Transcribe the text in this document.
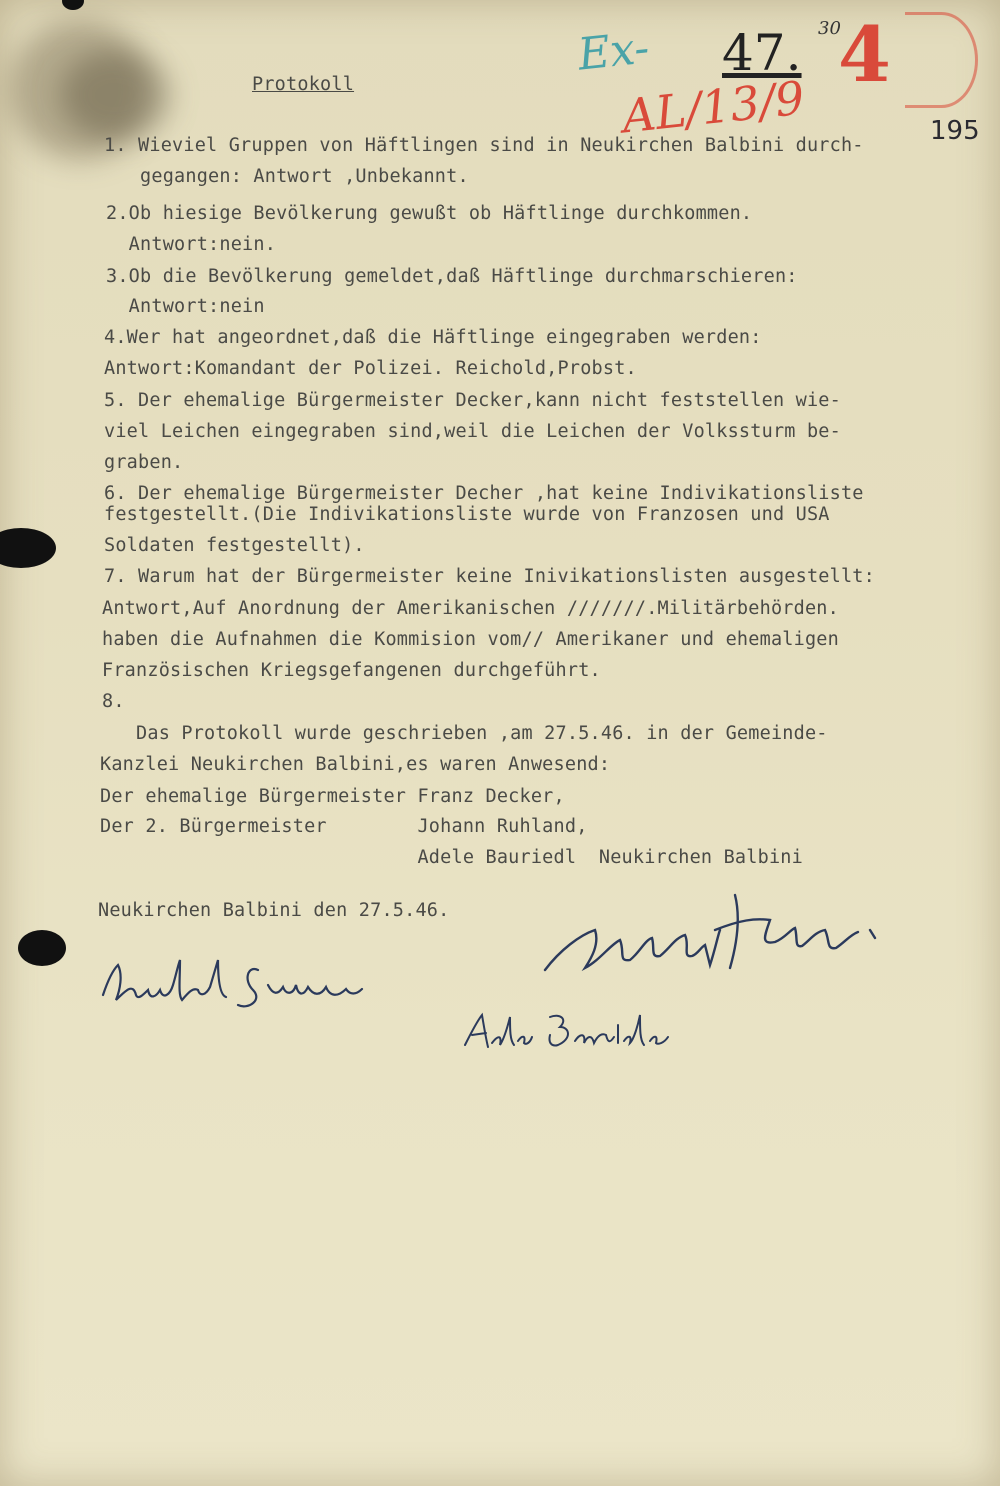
Ex- 47. 30
AL/13/9
4
195
Protokoll
1. Wieviel Gruppen von Häftlingen sind in Neukirchen Balbini durch-
gegangen: Antwort ,Unbekannt.
2.Ob hiesige Bevölkerung gewußt ob Häftlinge durchkommen.
Antwort:nein.
3.Ob die Bevölkerung gemeldet,daß Häftlinge durchmarschieren:
Antwort:nein
4.Wer hat angeordnet,daß die Häftlinge eingegraben werden:
Antwort:Komandant der Polizei. Reichold,Probst.
5. Der ehemalige Bürgermeister Decker,kann nicht feststellen wie-
viel Leichen eingegraben sind,weil die Leichen der Volkssturm be-
graben.
6. Der ehemalige Bürgermeister Decher ,hat keine Indivikationsliste
festgestellt.(Die Indivikationsliste wurde von Franzosen und USA
Soldaten festgestellt).
7. Warum hat der Bürgermeister keine Inivikationslisten ausgestellt:
Antwort,Auf Anordnung der Amerikanischen ///////.Militärbehörden.
haben die Aufnahmen die Kommision vom// Amerikaner und ehemaligen
Französischen Kriegsgefangenen durchgeführt.
8.
Das Protokoll wurde geschrieben ,am 27.5.46. in der Gemeinde-
Kanzlei Neukirchen Balbini,es waren Anwesend:
Der ehemalige Bürgermeister Franz Decker,
Der 2. Bürgermeister        Johann Ruhland,
Adele Bauriedl  Neukirchen Balbini
Neukirchen Balbini den 27.5.46.
